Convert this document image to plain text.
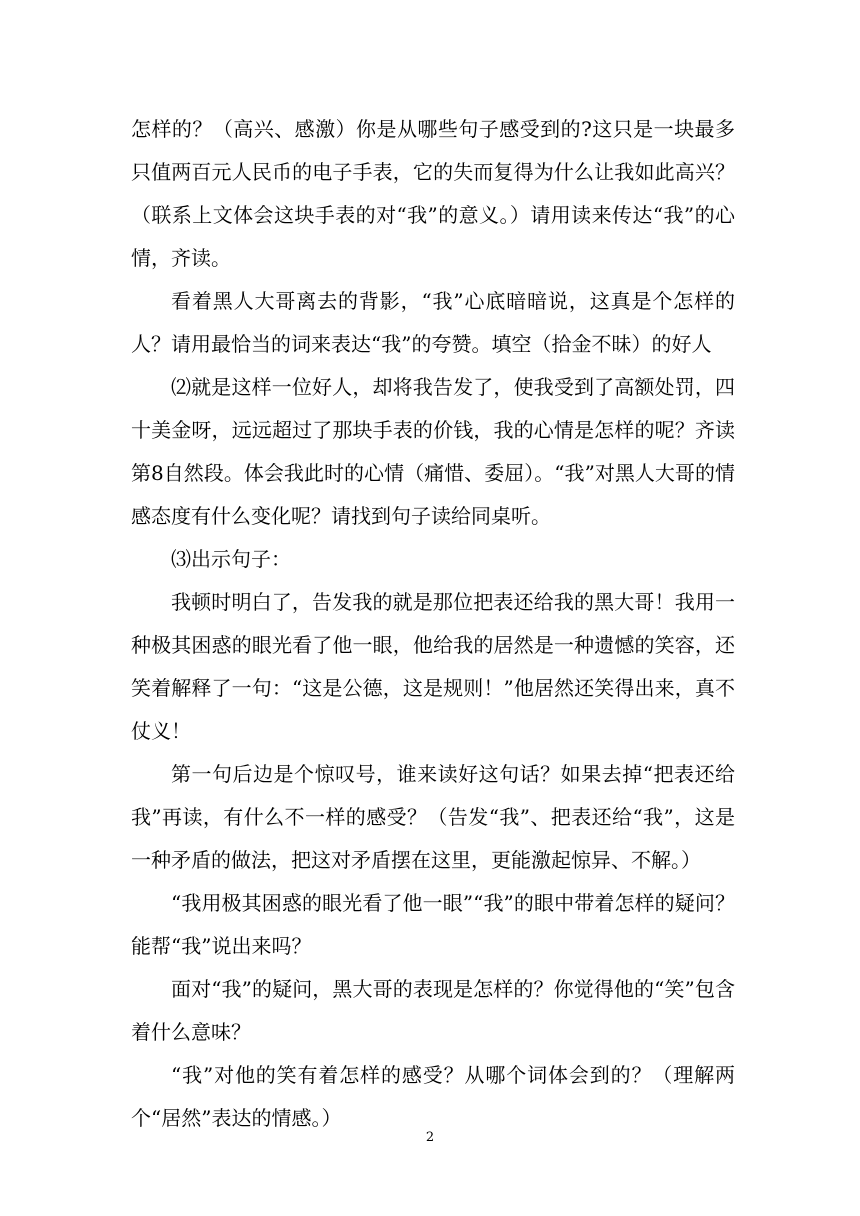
怎样的？（高兴、感激）你是从哪些句子感受到的?这只是一块最多只值两百元人民币的电子手表，它的失而复得为什么让我如此高兴？（联系上文体会这块手表的对“我”的意义。）请用读来传达“我”的心情，齐读。

看着黑人大哥离去的背影，“我”心底暗暗说，这真是个怎样的人？请用最恰当的词来表达“我”的夸赞。填空（拾金不昧）的好人

⑵就是这样一位好人，却将我告发了，使我受到了高额处罚，四十美金呀，远远超过了那块手表的价钱，我的心情是怎样的呢？齐读第8自然段。体会我此时的心情（痛惜、委屈）。“我”对黑人大哥的情感态度有什么变化呢？请找到句子读给同桌听。

⑶出示句子：

我顿时明白了，告发我的就是那位把表还给我的黑大哥！我用一种极其困惑的眼光看了他一眼，他给我的居然是一种遗憾的笑容，还笑着解释了一句：“这是公德，这是规则！”他居然还笑得出来，真不仗义！

第一句后边是个惊叹号，谁来读好这句话？如果去掉“把表还给我”再读，有什么不一样的感受？（告发“我”、把表还给“我”，这是一种矛盾的做法，把这对矛盾摆在这里，更能激起惊异、不解。）

“我用极其困惑的眼光看了他一眼”“我”的眼中带着怎样的疑问？能帮“我”说出来吗？

面对“我”的疑问，黑大哥的表现是怎样的？你觉得他的“笑”包含着什么意味？

“我”对他的笑有着怎样的感受？从哪个词体会到的？（理解两个“居然”表达的情感。）

2
